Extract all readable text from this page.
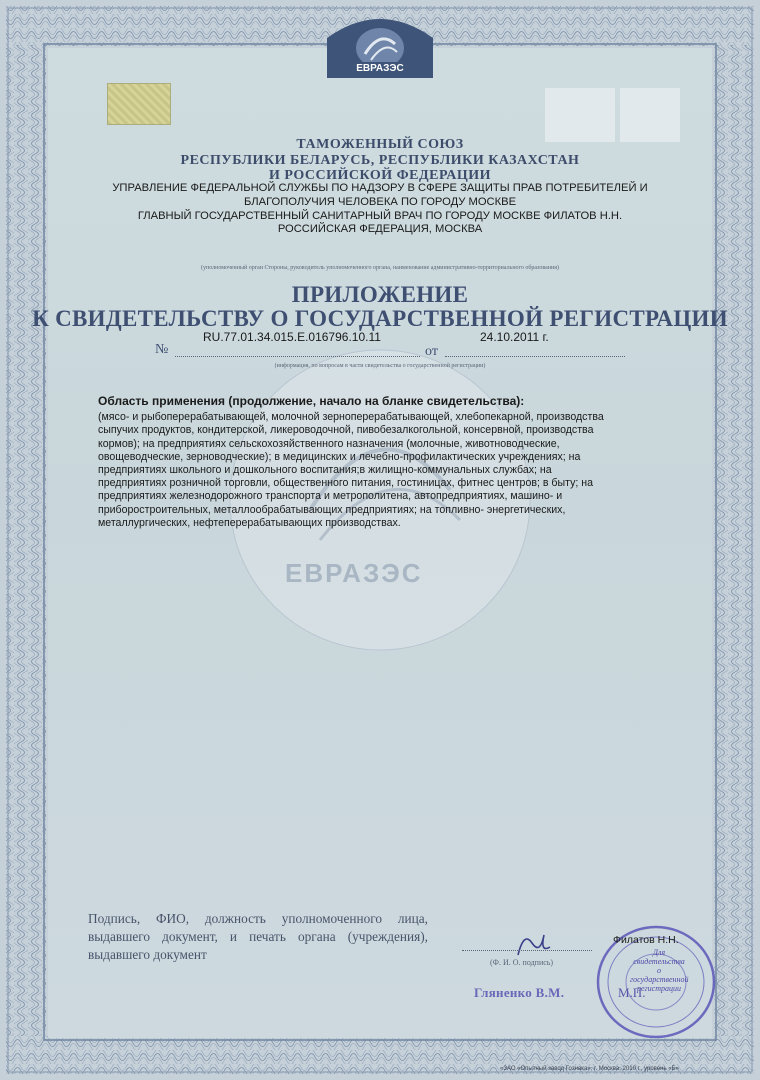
ЕВРАЗЭС
ЕВРАЗЭС
ТАМОЖЕННЫЙ СОЮЗ
РЕСПУБЛИКИ БЕЛАРУСЬ, РЕСПУБЛИКИ КАЗАХСТАН
И РОССИЙСКОЙ ФЕДЕРАЦИИ
УПРАВЛЕНИЕ ФЕДЕРАЛЬНОЙ СЛУЖБЫ ПО НАДЗОРУ В СФЕРЕ ЗАЩИТЫ ПРАВ ПОТРЕБИТЕЛЕЙ И
БЛАГОПОЛУЧИЯ ЧЕЛОВЕКА ПО ГОРОДУ МОСКВЕ
ГЛАВНЫЙ ГОСУДАРСТВЕННЫЙ САНИТАРНЫЙ ВРАЧ ПО ГОРОДУ МОСКВЕ ФИЛАТОВ Н.Н.
РОССИЙСКАЯ ФЕДЕРАЦИЯ, МОСКВА
(уполномоченный орган Стороны, руководитель уполномоченного органа, наименование административно-территориального образования)
ПРИЛОЖЕНИЕ
К СВИДЕТЕЛЬСТВУ О ГОСУДАРСТВЕННОЙ РЕГИСТРАЦИИ
№
RU.77.01.34.015.E.016796.10.11
от
24.10.2011 г.
(информация, по вопросам в части свидетельства о государственной регистрации)
Область применения (продолжение, начало на бланке свидетельства):
(мясо- и рыбоперерабатывающей, молочной зерноперерабатывающей, хлебопекарной, производства
сыпучих продуктов, кондитерской, ликероводочной, пивобезалкогольной, консервной, производства
кормов); на предприятиях сельскохозяйственного назначения (молочные, животноводческие,
овощеводческие, зерноводческие); в медицинских и лечебно-профилактических учреждениях; на
предприятиях школьного и дошкольного воспитания;в жилищно-коммунальных службах; на
предприятиях розничной торговли, общественного питания, гостиницах, фитнес центров; в быту; на
предприятиях железнодорожного транспорта и метрополитена, автопредприятиях, машино- и
приборостроительных, металлообрабатывающих предприятиях; на топливно- энергетических,
металлургических, нефтеперерабатывающих производствах.
Подпись, ФИО, должность уполномоченного лица, выдавшего документ, и печать органа (учреждения), выдавшего документ
(Ф. И. О. подпись)
Для
свидетельства
о государственной
регистрации
Филатов Н.Н.
Гляненко В.М.	М.П.
«ЗАО «Опытный завод Гознака», г. Москва, 2010 г., уровень «Б»
